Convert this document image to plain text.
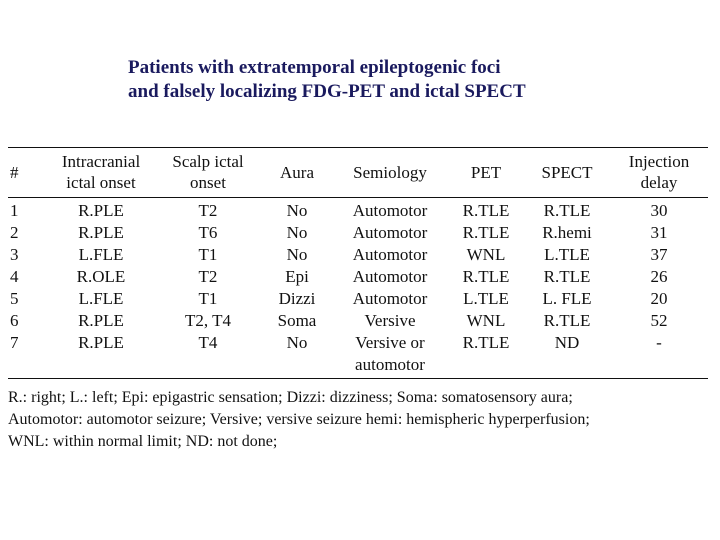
Patients with extratemporal epileptogenic foci
and falsely localizing FDG-PET and ictal SPECT
#	Intracranial
ictal onset	Scalp ictal
onset	Aura	Semiology	PET	SPECT	Injection
delay
1	R.PLE	T2	No	Automotor	R.TLE	R.TLE	30
2	R.PLE	T6	No	Automotor	R.TLE	R.hemi	31
3	L.FLE	T1	No	Automotor	WNL	L.TLE	37
4	R.OLE	T2	Epi	Automotor	R.TLE	R.TLE	26
5	L.FLE	T1	Dizzi	Automotor	L.TLE	L. FLE	20
6	R.PLE	T2, T4	Soma	Versive	WNL	R.TLE	52
7	R.PLE	T4	No	Versive or
automotor	R.TLE	ND	-
R.: right; L.: left; Epi: epigastric sensation; Dizzi: dizziness; Soma: somatosensory aura;
Automotor: automotor seizure; Versive; versive seizure hemi: hemispheric hyperperfusion;
WNL: within normal limit; ND: not done;
